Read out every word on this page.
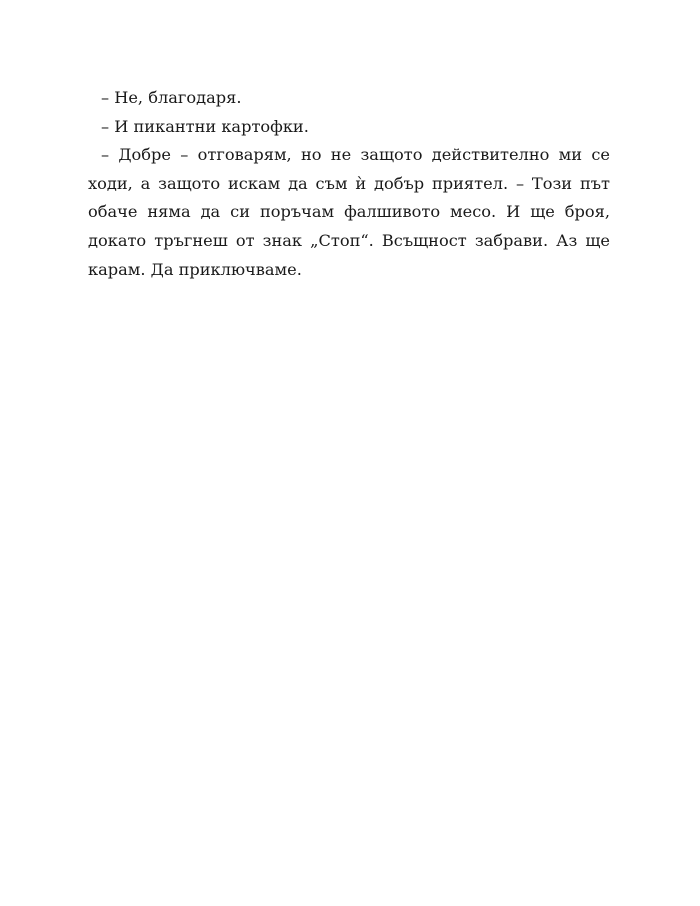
– Не, благодаря.

– И пикантни картофки.

– Добре – отговарям, но не защото действително ми се ходи, а защото искам да съм ѝ добър приятел. – Този път обаче няма да си поръчам фалшивото месо. И ще броя, докато тръгнеш от знак „Стоп“. Всъщност забрави. Аз ще карам. Да приключваме.
